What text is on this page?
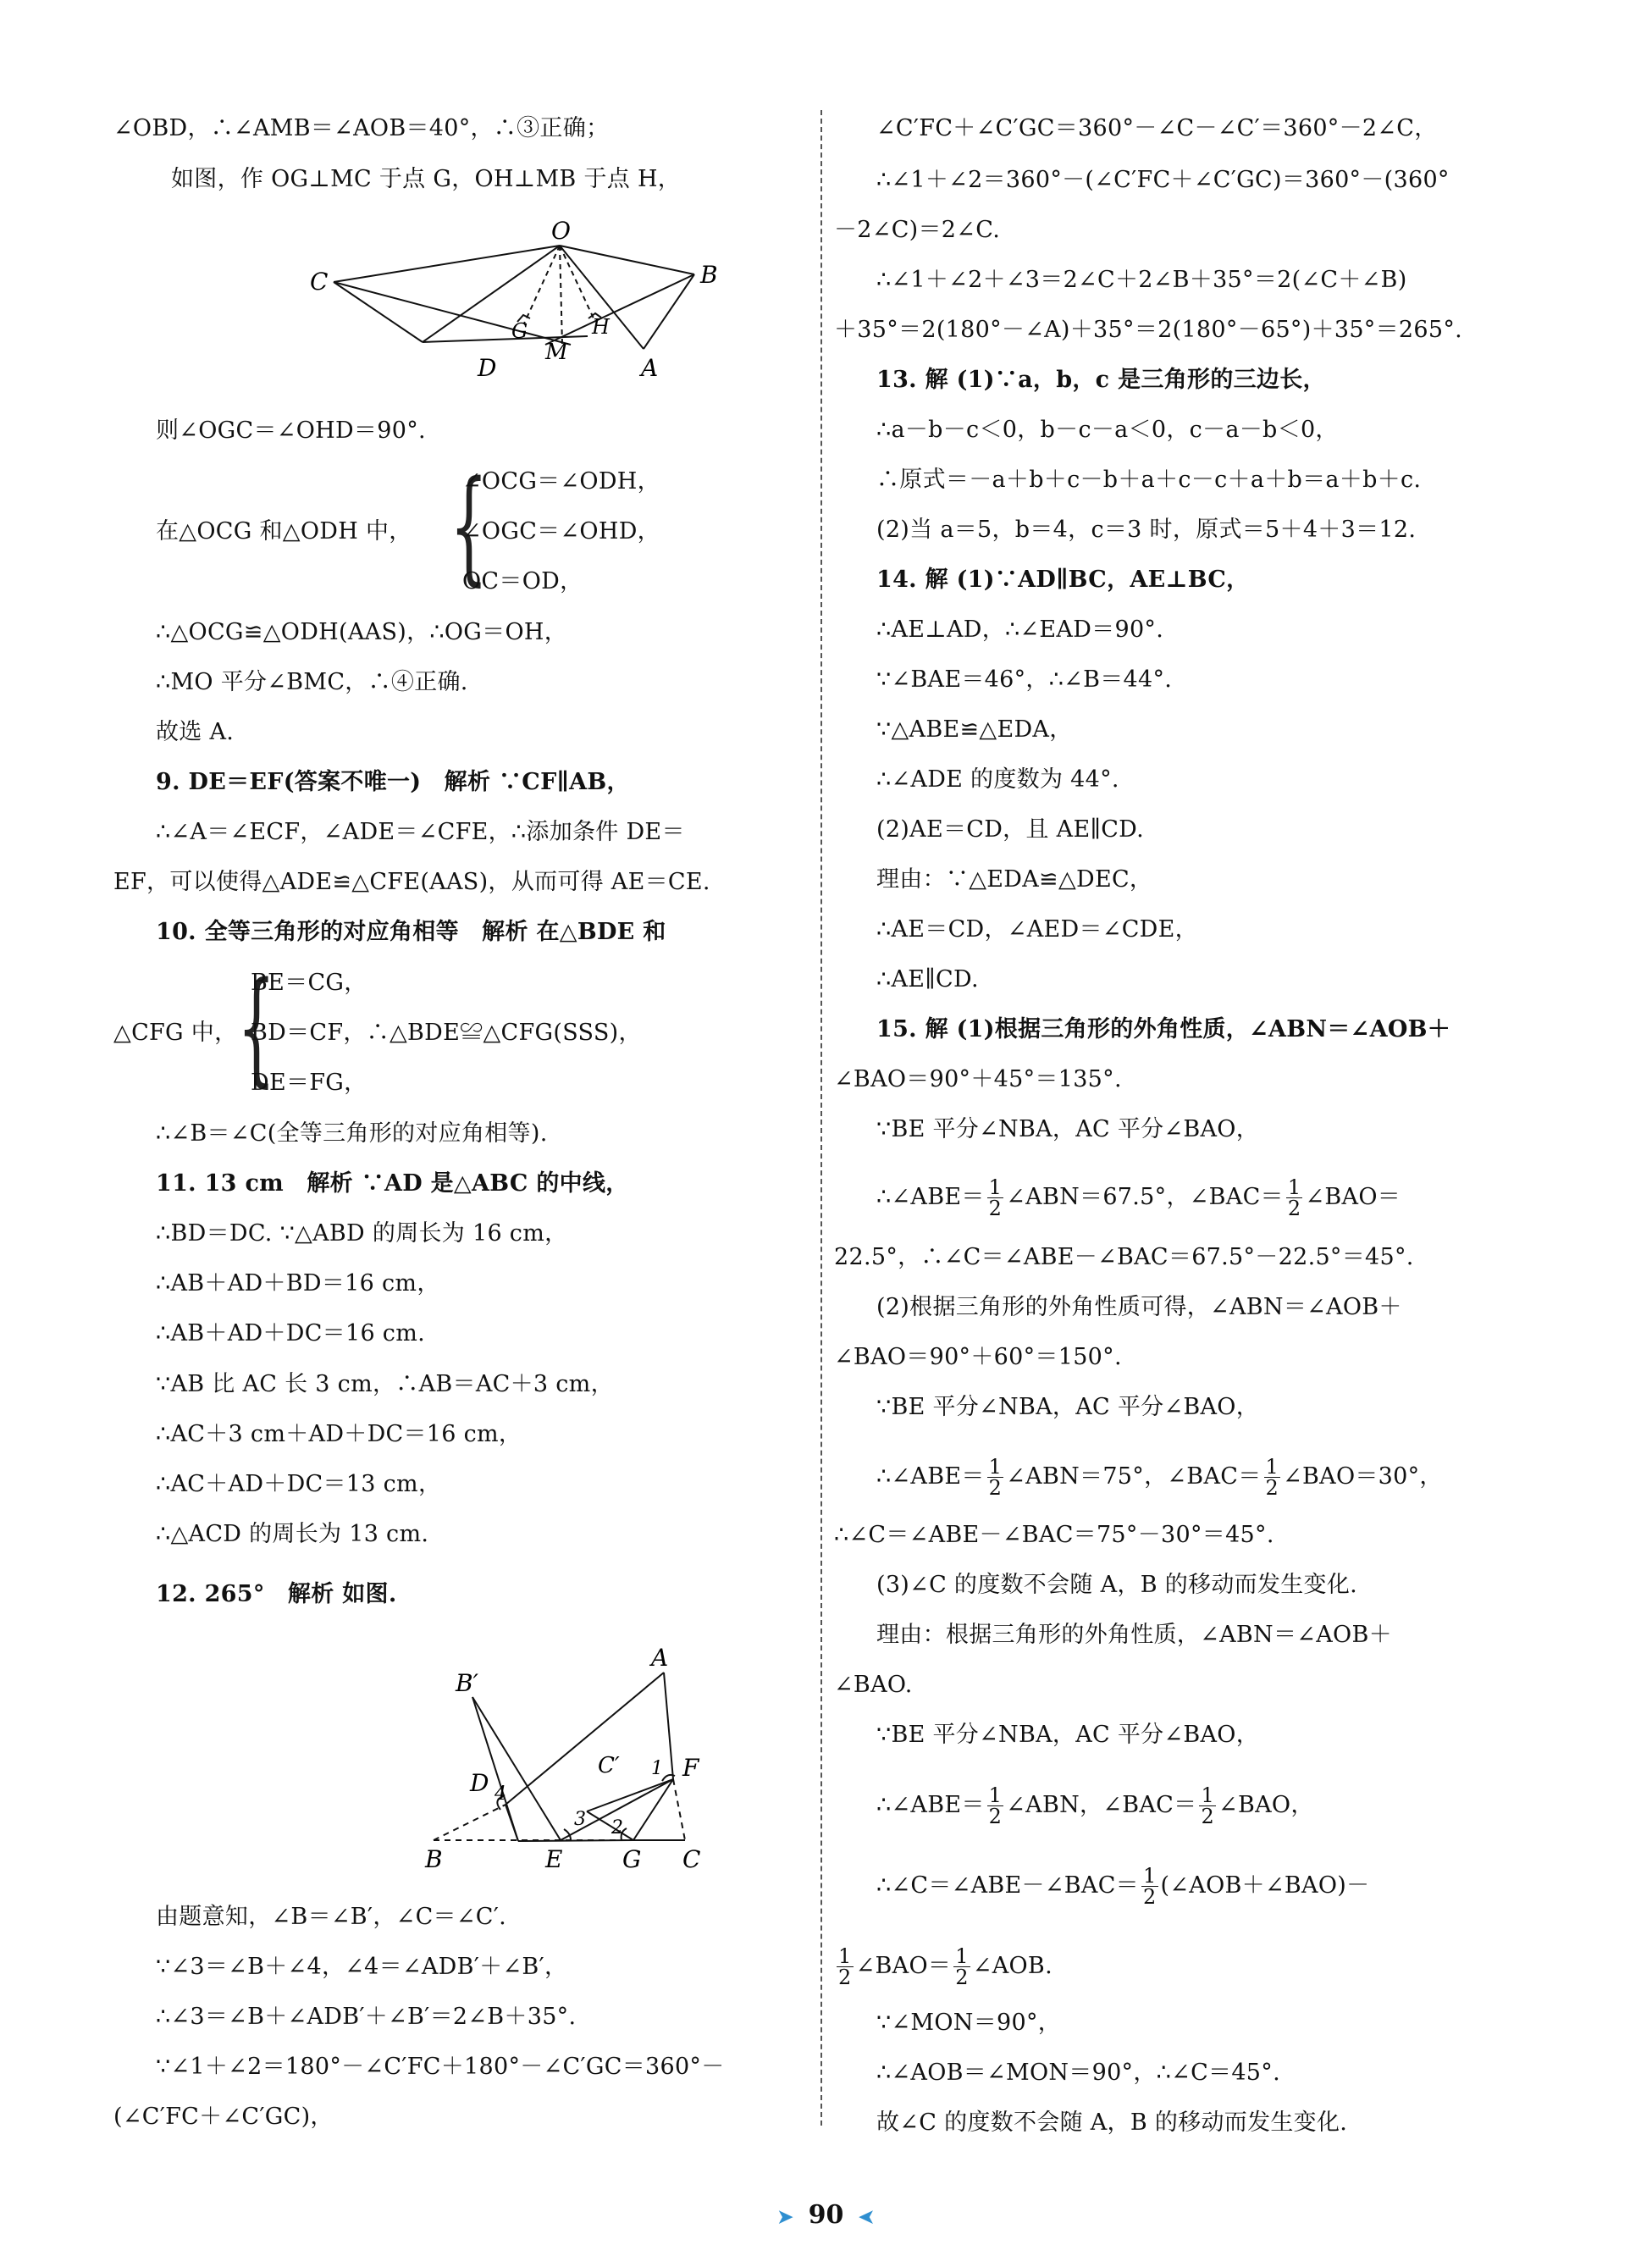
∠OBD，∴∠AMB＝∠AOB＝40°，∴③正确；
如图，作 OG⊥MC 于点 G，OH⊥MB 于点 H，
O
C	B
G	H
M
D	A
则∠OGC＝∠OHD＝90°.
在△OCG 和△ODH 中， {
∠OCG＝∠ODH，
∠OGC＝∠OHD，
OC＝OD，
∴△OCG≌△ODH(AAS)，∴OG＝OH，
∴MO 平分∠BMC，∴④正确.
故选 A.
9. DE＝EF(答案不唯一)　解析 ∵CF∥AB，
∴∠A＝∠ECF，∠ADE＝∠CFE，∴添加条件 DE＝
EF，可以使得△ADE≌△CFE(AAS)，从而可得 AE＝CE.
10. 全等三角形的对应角相等　解析 在△BDE 和
△CFG 中， {
BE＝CG，
BD＝CF，∴△BDE≌△CFG(SSS)，
DE＝FG，
∴∠B＝∠C(全等三角形的对应角相等).
11. 13 cm　解析 ∵AD 是△ABC 的中线，
∴BD＝DC. ∵△ABD 的周长为 16 cm，
∴AB＋AD＋BD＝16 cm，
∴AB＋AD＋DC＝16 cm.
∵AB 比 AC 长 3 cm，∴AB＝AC＋3 cm，
∴AC＋3 cm＋AD＋DC＝16 cm，
∴AC＋AD＋DC＝13 cm，
∴△ACD 的周长为 13 cm.
12. 265°　解析 如图.
A
B′
D 4
C′ 1 F
3 2
B	E	G C
由题意知，∠B＝∠B′，∠C＝∠C′.
∵∠3＝∠B＋∠4，∠4＝∠ADB′＋∠B′，
∴∠3＝∠B＋∠ADB′＋∠B′＝2∠B＋35°.
∵∠1＋∠2＝180°－∠C′FC＋180°－∠C′GC＝360°－
(∠C′FC＋∠C′GC)，
∠C′FC＋∠C′GC＝360°－∠C－∠C′＝360°－2∠C，
∴∠1＋∠2＝360°－(∠C′FC＋∠C′GC)＝360°－(360°
－2∠C)＝2∠C.
∴∠1＋∠2＋∠3＝2∠C＋2∠B＋35°＝2(∠C＋∠B)
＋35°＝2(180°－∠A)＋35°＝2(180°－65°)＋35°＝265°.
13. 解 (1)∵a，b，c 是三角形的三边长，
∴a－b－c＜0，b－c－a＜0，c－a－b＜0，
∴原式＝－a＋b＋c－b＋a＋c－c＋a＋b＝a＋b＋c.
(2)当 a＝5，b＝4，c＝3 时，原式＝5＋4＋3＝12.
14. 解 (1)∵AD∥BC，AE⊥BC，
∴AE⊥AD，∴∠EAD＝90°.
∵∠BAE＝46°，∴∠B＝44°.
∵△ABE≌△EDA，
∴∠ADE 的度数为 44°.
(2)AE＝CD，且 AE∥CD.
理由：∵△EDA≌△DEC，
∴AE＝CD，∠AED＝∠CDE，
∴AE∥CD.
15. 解 (1)根据三角形的外角性质，∠ABN＝∠AOB＋
∠BAO＝90°＋45°＝135°.
∵BE 平分∠NBA，AC 平分∠BAO，
∴∠ABE＝ $\frac{1}{2}$ ∠ABN＝67.5°，∠BAC＝ $\frac{1}{2}$ ∠BAO＝
22.5°，∴∠C＝∠ABE－∠BAC＝67.5°－22.5°＝45°.
(2)根据三角形的外角性质可得，∠ABN＝∠AOB＋
∠BAO＝90°＋60°＝150°.
∵BE 平分∠NBA，AC 平分∠BAO，
∴∠ABE＝ $\frac{1}{2}$ ∠ABN＝75°，∠BAC＝ $\frac{1}{2}$ ∠BAO＝30°，
∴∠C＝∠ABE－∠BAC＝75°－30°＝45°.
(3)∠C 的度数不会随 A，B 的移动而发生变化.
理由：根据三角形的外角性质，∠ABN＝∠AOB＋
∠BAO.
∵BE 平分∠NBA，AC 平分∠BAO，
∴∠ABE＝ $\frac{1}{2}$ ∠ABN，∠BAC＝ $\frac{1}{2}$ ∠BAO，
∴∠C＝∠ABE－∠BAC＝ $\frac{1}{2}$ (∠AOB＋∠BAO)－
$\frac{1}{2}$ ∠BAO＝ $\frac{1}{2}$ ∠AOB.
∵∠MON＝90°，
∴∠AOB＝∠MON＝90°，∴∠C＝45°.
故∠C 的度数不会随 A，B 的移动而发生变化.
➤ 90 ➤
